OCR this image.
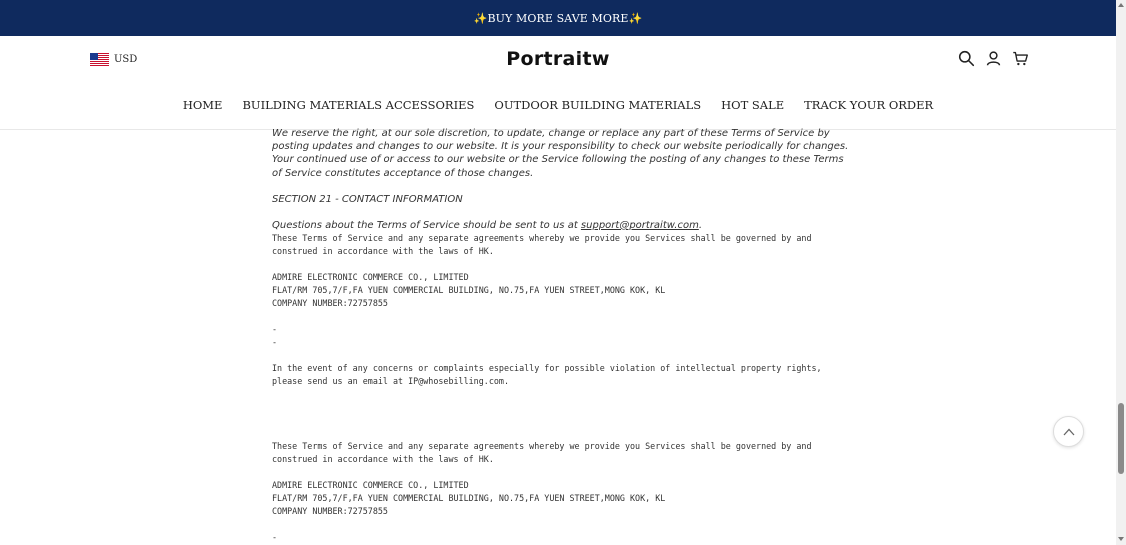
✨BUY MORE SAVE MORE✨
USD	Portraitw
HOME BUILDING MATERIALS ACCESSORIES OUTDOOR BUILDING MATERIALS HOT SALE TRACK YOUR ORDER

We reserve the right, at our sole discretion, to update, change or replace any part of these Terms of Service by posting updates and changes to our website. It is your responsibility to check our website periodically for changes. Your continued use of or access to our website or the Service following the posting of any changes to these Terms of Service constitutes acceptance of those changes.

SECTION 21 - CONTACT INFORMATION

Questions about the Terms of Service should be sent to us at support@portraitw.com.

These Terms of Service and any separate agreements whereby we provide you Services shall be governed by and
construed in accordance with the laws of HK.
ADMIRE ELECTRONIC COMMERCE CO., LIMITED
FLAT/RM 705,7/F,FA YUEN COMMERCIAL BUILDING, NO.75,FA YUEN STREET,MONG KOK, KL
COMPANY NUMBER:72757855
-
-
In the event of any concerns or complaints especially for possible violation of intellectual property rights,
please send us an email at IP@whosebilling.com.
These Terms of Service and any separate agreements whereby we provide you Services shall be governed by and
construed in accordance with the laws of HK.
ADMIRE ELECTRONIC COMMERCE CO., LIMITED
FLAT/RM 705,7/F,FA YUEN COMMERCIAL BUILDING, NO.75,FA YUEN STREET,MONG KOK, KL
COMPANY NUMBER:72757855
-
